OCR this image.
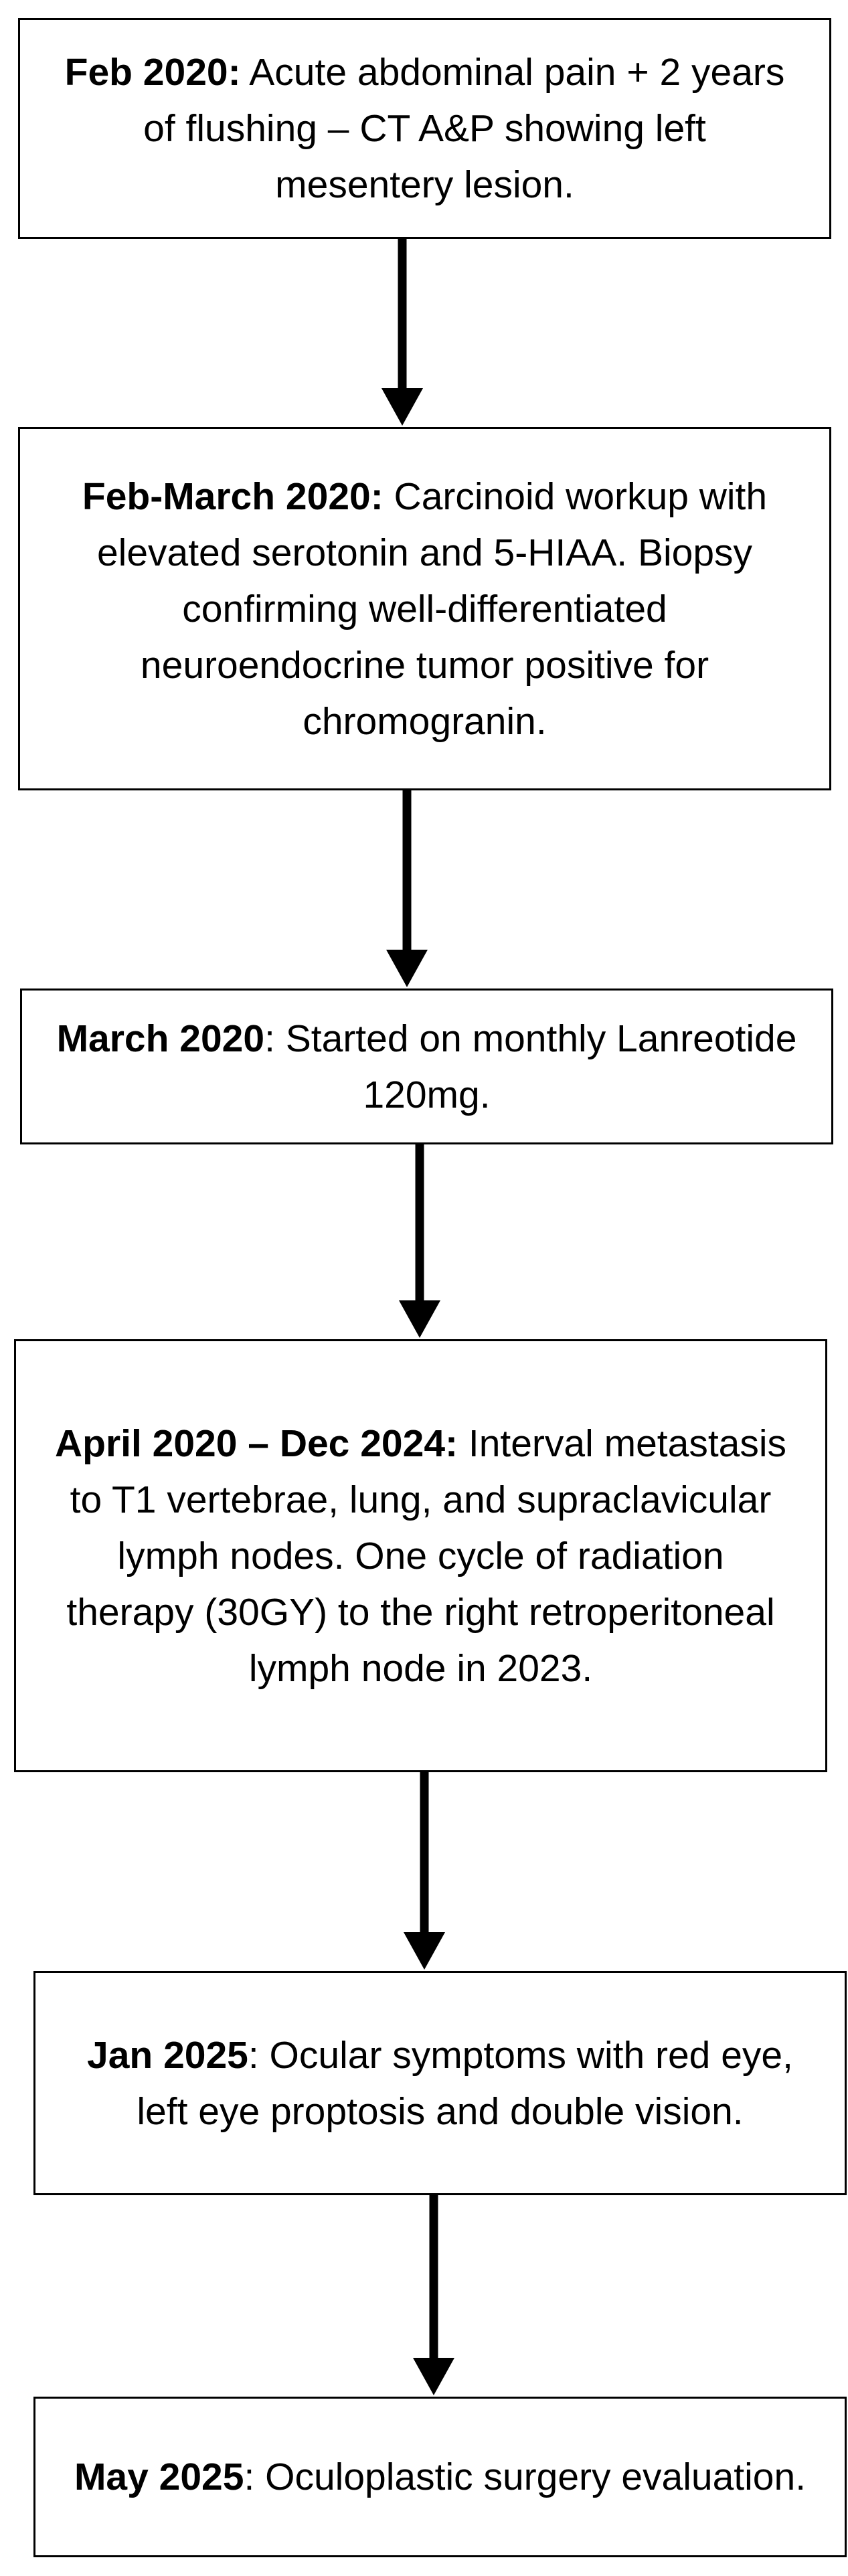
Feb 2020: Acute abdominal pain + 2 years of flushing – CT A&P showing left mesentery lesion.

Feb-March 2020: Carcinoid workup with elevated serotonin and 5-HIAA. Biopsy confirming well-differentiated neuroendocrine tumor positive for chromogranin.

March 2020: Started on monthly Lanreotide 120mg.

April 2020 – Dec 2024: Interval metastasis to T1 vertebrae, lung, and supraclavicular lymph nodes. One cycle of radiation therapy (30GY) to the right retroperitoneal lymph node in 2023.

Jan 2025: Ocular symptoms with red eye, left eye proptosis and double vision.

May 2025: Oculoplastic surgery evaluation.
